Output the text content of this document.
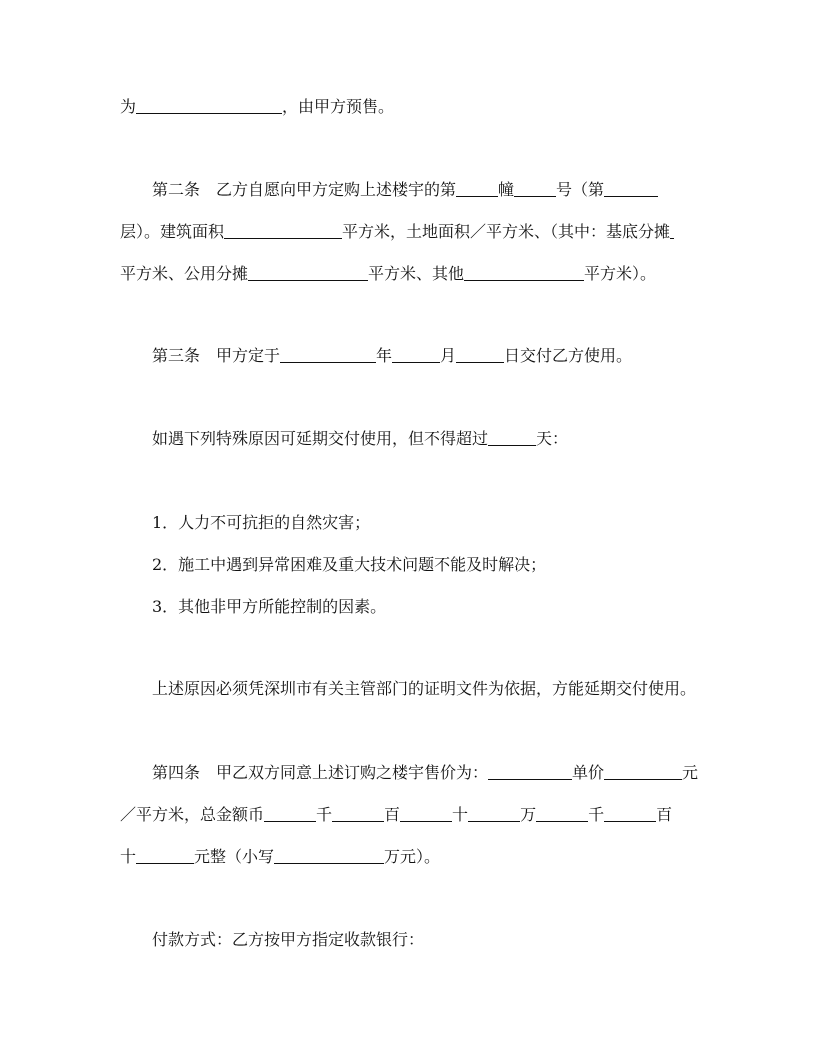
为	，由甲方预售。
第二条　乙方自愿向甲方定购上述楼宇的第	幢	号（第
层）。建筑面积	平方米，土地面积／平方米、（其中：基底分摊
平方米、公用分摊	平方米、其他	平方米）。
第三条　甲方定于	年	月	日交付乙方使用。
如遇下列特殊原因可延期交付使用，但不得超过	天：
1．人力不可抗拒的自然灾害；
2．施工中遇到异常困难及重大技术问题不能及时解决；
3．其他非甲方所能控制的因素。
上述原因必须凭深圳市有关主管部门的证明文件为依据，方能延期交付使用。
第四条　甲乙双方同意上述订购之楼宇售价为：	单价	元
／平方米，总金额币	千	百	十	万	千	百
十	元整（小写	万元）。
付款方式：乙方按甲方指定收款银行：
